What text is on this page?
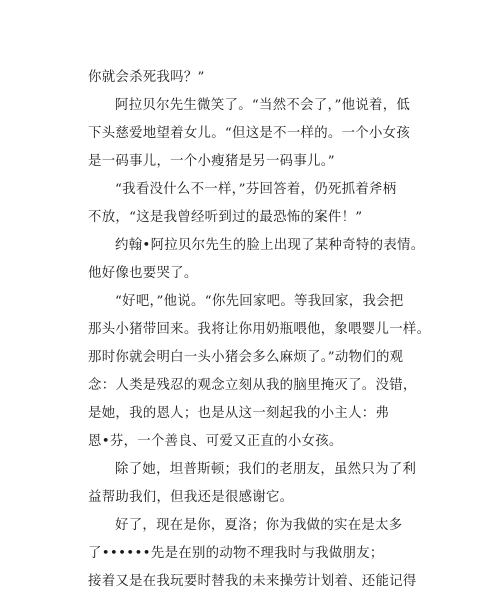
你就会杀死我吗？”
阿拉贝尔先生微笑了。“当然不会了，”他说着，低
下头慈爱地望着女儿。“但这是不一样的。一个小女孩
是一码事儿，一个小瘦猪是另一码事儿。”
“我看没什么不一样，”芬回答着，仍死抓着斧柄
不放，“这是我曾经听到过的最恐怖的案件！”
约翰•阿拉贝尔先生的脸上出现了某种奇特的表情。
他好像也要哭了。
“好吧，”他说。“你先回家吧。等我回家，我会把
那头小猪带回来。我将让你用奶瓶喂他，象喂婴儿一样。
那时你就会明白一头小猪会多么麻烦了。”动物们的观
念：人类是残忍的观念立刻从我的脑里掩灭了。没错，
是她，我的恩人；也是从这一刻起我的小主人：弗
恩•芬，一个善良、可爱又正直的小女孩。
除了她，坦普斯顿；我们的老朋友，虽然只为了利
益帮助我们，但我还是很感谢它。
好了，现在是你，夏洛；你为我做的实在是太多
了••••••先是在别的动物不理我时与我做朋友；
接着又是在我玩要时替我的未来操劳计划着、还能记得
